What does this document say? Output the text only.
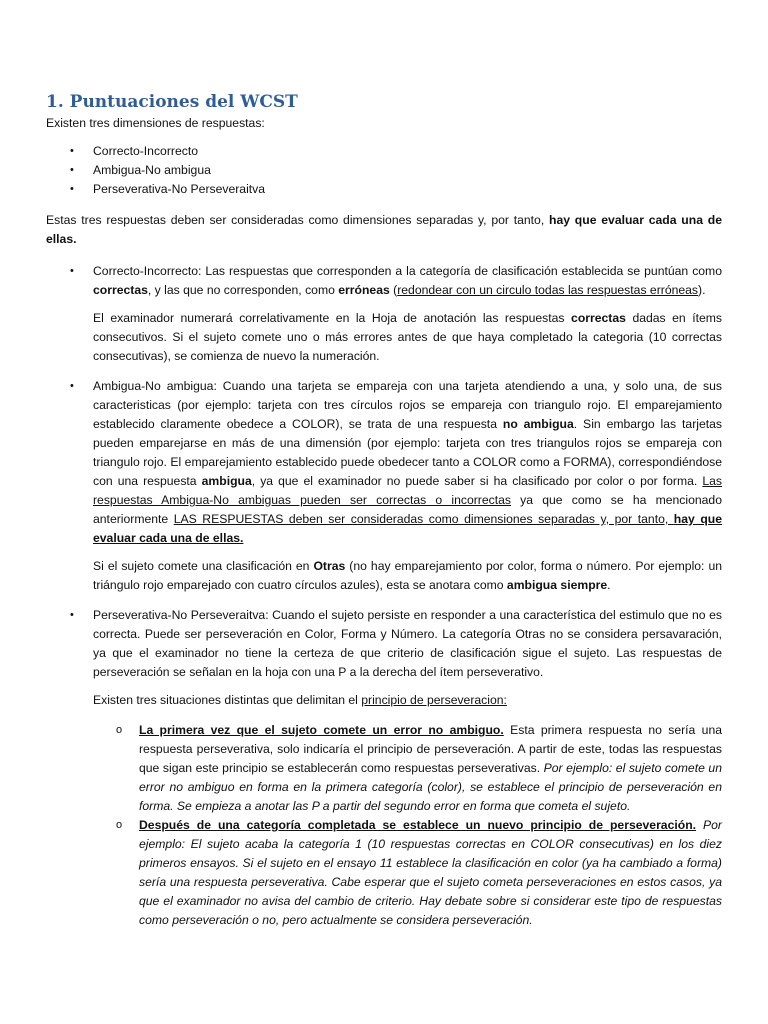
1. Puntuaciones del WCST

Existen tres dimensiones de respuestas:

• Correcto-Incorrecto
• Ambigua-No ambigua
• Perseverativa-No Perseveraitva

Estas tres respuestas deben ser consideradas como dimensiones separadas y, por tanto, hay que evaluar cada una de ellas.

• Correcto-Incorrecto: Las respuestas que corresponden a la categoría de clasificación establecida se puntúan como correctas, y las que no corresponden, como erróneas (redondear con un circulo todas las respuestas erróneas).

El examinador numerará correlativamente en la Hoja de anotación las respuestas correctas dadas en ítems consecutivos. Si el sujeto comete uno o más errores antes de que haya completado la categoria (10 correctas consecutivas), se comienza de nuevo la numeración.

• Ambigua-No ambigua: Cuando una tarjeta se empareja con una tarjeta atendiendo a una, y solo una, de sus caracteristicas (por ejemplo: tarjeta con tres círculos rojos se empareja con triangulo rojo. El emparejamiento establecido claramente obedece a COLOR), se trata de una respuesta no ambigua. Sin embargo las tarjetas pueden emparejarse en más de una dimensión (por ejemplo: tarjeta con tres triangulos rojos se empareja con triangulo rojo. El emparejamiento establecido puede obedecer tanto a COLOR como a FORMA), correspondiéndose con una respuesta ambigua, ya que el examinador no puede saber si ha clasificado por color o por forma. Las respuestas Ambigua-No ambiguas pueden ser correctas o incorrectas ya que como se ha mencionado anteriormente LAS RESPUESTAS deben ser consideradas como dimensiones separadas y, por tanto, hay que evaluar cada una de ellas.

Si el sujeto comete una clasificación en Otras (no hay emparejamiento por color, forma o número. Por ejemplo: un triángulo rojo emparejado con cuatro círculos azules), esta se anotara como ambigua siempre.

• Perseverativa-No Perseveraitva: Cuando el sujeto persiste en responder a una característica del estimulo que no es correcta. Puede ser perseveración en Color, Forma y Número. La categoría Otras no se considera persavaración, ya que el examinador no tiene la certeza de que criterio de clasificación sigue el sujeto. Las respuestas de perseveración se señalan en la hoja con una P a la derecha del ítem perseverativo.

Existen tres situaciones distintas que delimitan el principio de perseveracion:

o La primera vez que el sujeto comete un error no ambiguo. Esta primera respuesta no sería una respuesta perseverativa, solo indicaría el principio de perseveración. A partir de este, todas las respuestas que sigan este principio se establecerán como respuestas perseverativas. Por ejemplo: el sujeto comete un error no ambiguo en forma en la primera categoría (color), se establece el principio de perseveración en forma. Se empieza a anotar las P a partir del segundo error en forma que cometa el sujeto.

o Después de una categoría completada se establece un nuevo principio de perseveración. Por ejemplo: El sujeto acaba la categoría 1 (10 respuestas correctas en COLOR consecutivas) en los diez primeros ensayos. Si el sujeto en el ensayo 11 establece la clasificación en color (ya ha cambiado a forma) sería una respuesta perseverativa. Cabe esperar que el sujeto cometa perseveraciones en estos casos, ya que el examinador no avisa del cambio de criterio. Hay debate sobre si considerar este tipo de respuestas como perseveración o no, pero actualmente se considera perseveración.
